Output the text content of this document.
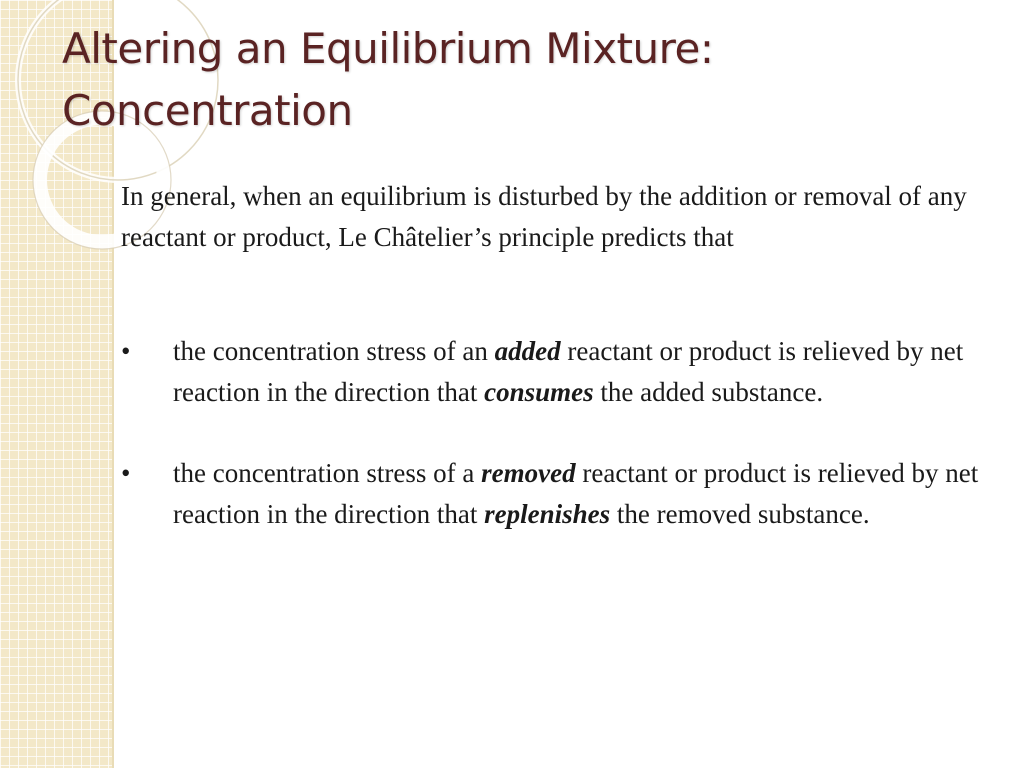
Altering an Equilibrium Mixture:
Concentration

In general, when an equilibrium is disturbed by the addition or removal of any reactant or product, Le Châtelier’s principle predicts that

• the concentration stress of an added reactant or product is relieved by net reaction in the direction that consumes the added substance.
• the concentration stress of a removed reactant or product is relieved by net reaction in the direction that replenishes the removed substance.
